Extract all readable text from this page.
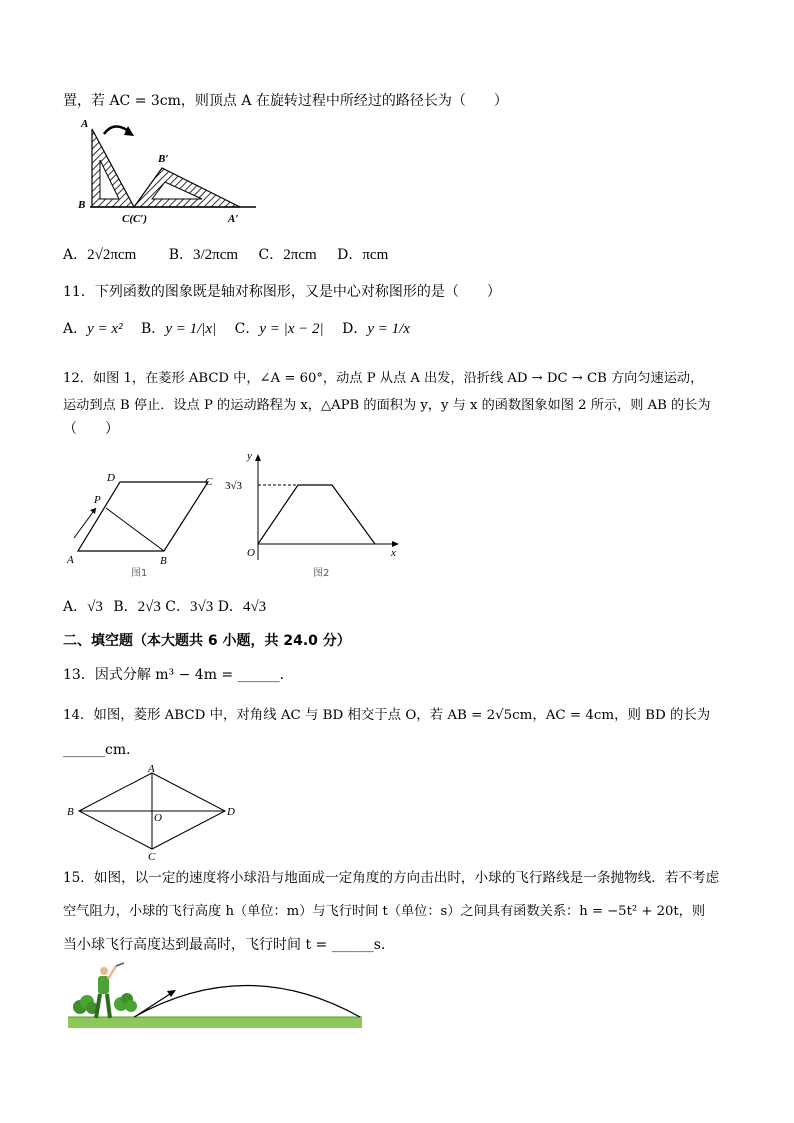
置，若 AC = 3cm，则顶点 A 在旋转过程中所经过的路径长为（　　）
A
B
C(C′)
B′
A′
A．2√2πcm B．3/2πcm C．2πcm D．πcm
11．下列函数的图象既是轴对称图形，又是中心对称图形的是（　　）
A．y = x² B．y = 1/|x| C．y = |x − 2| D．y = 1/x
12．如图 1，在菱形 ABCD 中，∠A = 60°，动点 P 从点 A 出发，沿折线 AD → DC → CB 方向匀速运动，
运动到点 B 停止．设点 P 的运动路程为 x，△APB 的面积为 y，y 与 x 的函数图象如图 2 所示，则 AB 的长为
（　　）
A	B
C
D
P
图1
y
x
O
3√3
图2
A．√3 B．2√3 C．3√3 D．4√3
二、填空题（本大题共 6 小题，共 24.0 分）
13．因式分解 m³ − 4m = ______．
14．如图，菱形 ABCD 中，对角线 AC 与 BD 相交于点 O，若 AB = 2√5cm，AC = 4cm，则 BD 的长为
______cm．
A
B
C
D
O
15．如图，以一定的速度将小球沿与地面成一定角度的方向击出时，小球的飞行路线是一条抛物线．若不考虑
空气阻力，小球的飞行高度 h（单位：m）与飞行时间 t（单位：s）之间具有函数关系：h = −5t² + 20t，则
当小球飞行高度达到最高时，飞行时间 t = ______s．
